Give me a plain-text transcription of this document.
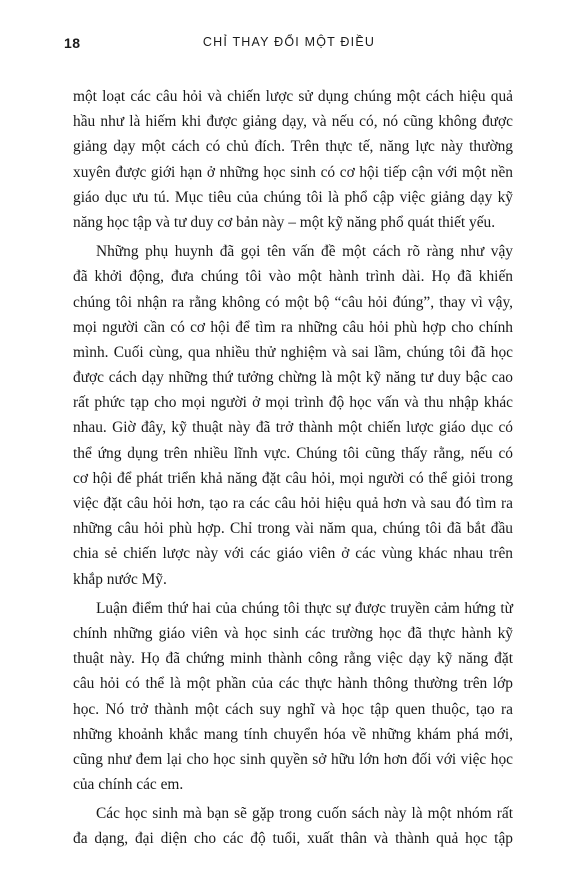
18	CHỈ THAY ĐỔI MỘT ĐIỀU
một loạt các câu hỏi và chiến lược sử dụng chúng một cách hiệu quả
hầu như là hiếm khi được giảng dạy, và nếu có, nó cũng không được
giảng dạy một cách có chủ đích. Trên thực tế, năng lực này thường
xuyên được giới hạn ở những học sinh có cơ hội tiếp cận với một nền
giáo dục ưu tú. Mục tiêu của chúng tôi là phổ cập việc giảng dạy kỹ
năng học tập và tư duy cơ bản này – một kỹ năng phổ quát thiết yếu.
Những phụ huynh đã gọi tên vấn đề một cách rõ ràng như vậy
đã khởi động, đưa chúng tôi vào một hành trình dài. Họ đã khiến
chúng tôi nhận ra rằng không có một bộ “câu hỏi đúng”, thay vì vậy,
mọi người cần có cơ hội để tìm ra những câu hỏi phù hợp cho chính
mình. Cuối cùng, qua nhiều thử nghiệm và sai lầm, chúng tôi đã học
được cách dạy những thứ tưởng chừng là một kỹ năng tư duy bậc cao
rất phức tạp cho mọi người ở mọi trình độ học vấn và thu nhập khác
nhau. Giờ đây, kỹ thuật này đã trở thành một chiến lược giáo dục có
thể ứng dụng trên nhiều lĩnh vực. Chúng tôi cũng thấy rằng, nếu có
cơ hội để phát triển khả năng đặt câu hỏi, mọi người có thể giỏi trong
việc đặt câu hỏi hơn, tạo ra các câu hỏi hiệu quả hơn và sau đó tìm ra
những câu hỏi phù hợp. Chỉ trong vài năm qua, chúng tôi đã bắt đầu
chia sẻ chiến lược này với các giáo viên ở các vùng khác nhau trên
khắp nước Mỹ.
Luận điểm thứ hai của chúng tôi thực sự được truyền cảm hứng từ
chính những giáo viên và học sinh các trường học đã thực hành kỹ
thuật này. Họ đã chứng minh thành công rằng việc dạy kỹ năng đặt
câu hỏi có thể là một phần của các thực hành thông thường trên lớp
học. Nó trở thành một cách suy nghĩ và học tập quen thuộc, tạo ra
những khoảnh khắc mang tính chuyển hóa về những khám phá mới,
cũng như đem lại cho học sinh quyền sở hữu lớn hơn đối với việc học
của chính các em.
Các học sinh mà bạn sẽ gặp trong cuốn sách này là một nhóm rất
đa dạng, đại diện cho các độ tuổi, xuất thân và thành quả học tập
